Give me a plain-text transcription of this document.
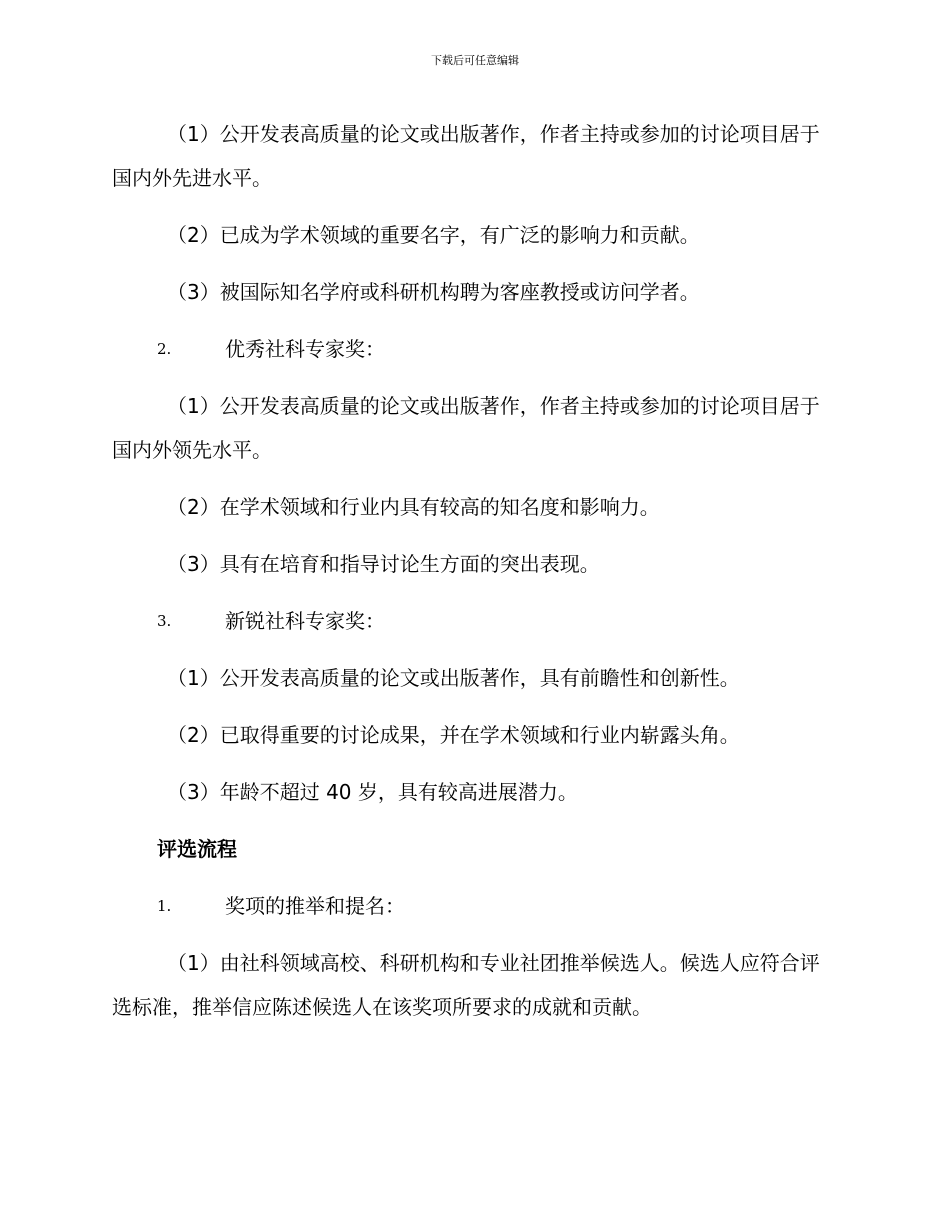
下载后可任意编辑

（1）公开发表高质量的论文或出版著作，作者主持或参加的讨论项目居于国内外先进水平。

（2）已成为学术领域的重要名字，有广泛的影响力和贡献。

（3）被国际知名学府或科研机构聘为客座教授或访问学者。

2.	优秀社科专家奖：

（1）公开发表高质量的论文或出版著作，作者主持或参加的讨论项目居于国内外领先水平。

（2）在学术领域和行业内具有较高的知名度和影响力。

（3）具有在培育和指导讨论生方面的突出表现。

3.	新锐社科专家奖：

（1）公开发表高质量的论文或出版著作，具有前瞻性和创新性。

（2）已取得重要的讨论成果，并在学术领域和行业内崭露头角。

（3）年龄不超过 40 岁，具有较高进展潜力。

评选流程
1.	奖项的推举和提名：

（1）由社科领域高校、科研机构和专业社团推举候选人。候选人应符合评选标准，推举信应陈述候选人在该奖项所要求的成就和贡献。
